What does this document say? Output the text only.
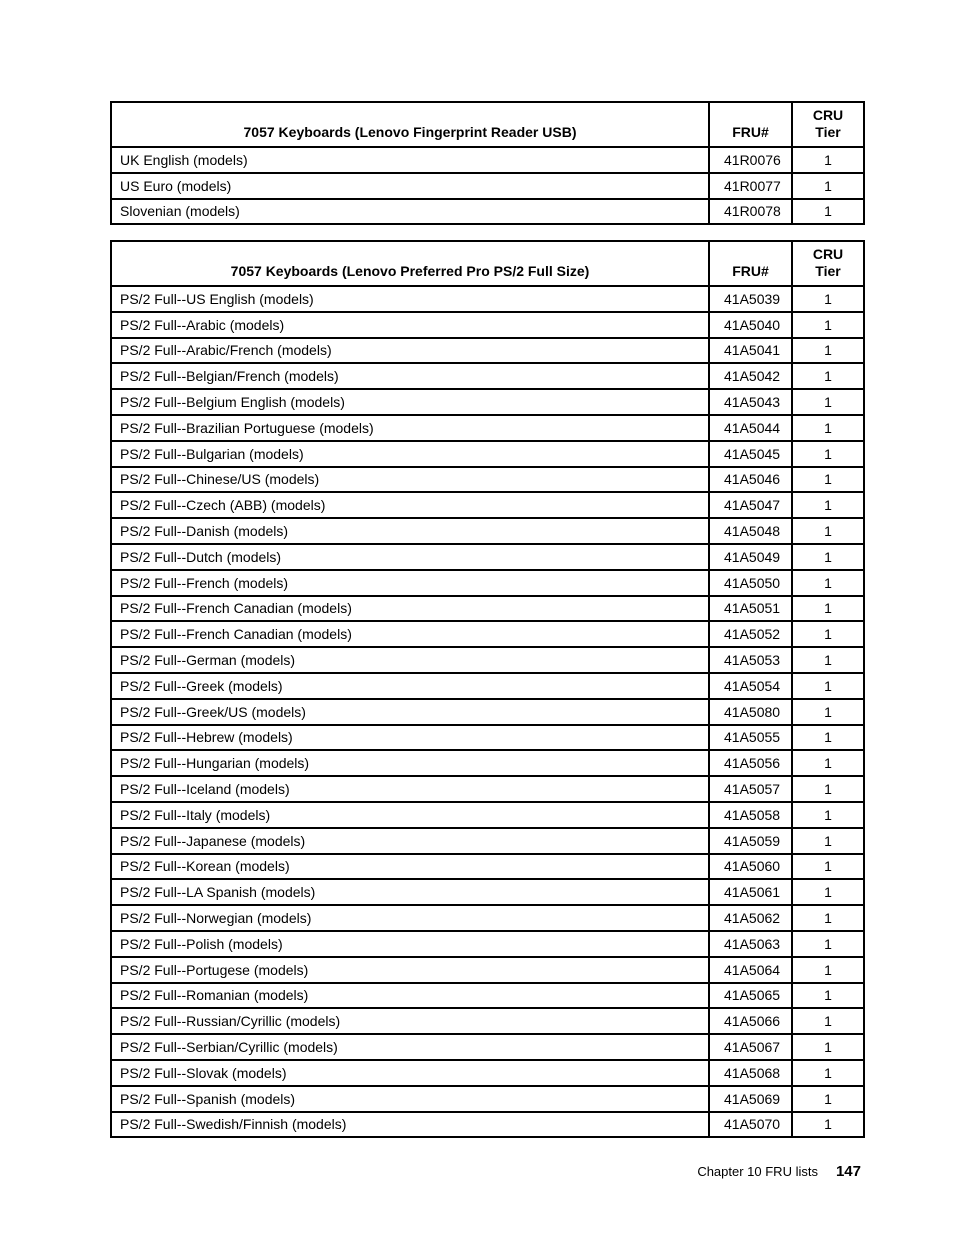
7057 Keyboards (Lenovo Fingerprint Reader USB)	FRU#	CRU
Tier
UK English (models)	41R0076	1
US Euro (models)	41R0077	1
Slovenian (models)	41R0078	1
7057 Keyboards (Lenovo Preferred Pro PS/2 Full Size)	FRU#	CRU
Tier
PS/2 Full--US English (models)	41A5039	1
PS/2 Full--Arabic (models)	41A5040	1
PS/2 Full--Arabic/French (models)	41A5041	1
PS/2 Full--Belgian/French (models)	41A5042	1
PS/2 Full--Belgium English (models)	41A5043	1
PS/2 Full--Brazilian Portuguese (models)	41A5044	1
PS/2 Full--Bulgarian (models)	41A5045	1
PS/2 Full--Chinese/US (models)	41A5046	1
PS/2 Full--Czech (ABB) (models)	41A5047	1
PS/2 Full--Danish (models)	41A5048	1
PS/2 Full--Dutch (models)	41A5049	1
PS/2 Full--French (models)	41A5050	1
PS/2 Full--French Canadian (models)	41A5051	1
PS/2 Full--French Canadian (models)	41A5052	1
PS/2 Full--German (models)	41A5053	1
PS/2 Full--Greek (models)	41A5054	1
PS/2 Full--Greek/US (models)	41A5080	1
PS/2 Full--Hebrew (models)	41A5055	1
PS/2 Full--Hungarian (models)	41A5056	1
PS/2 Full--Iceland (models)	41A5057	1
PS/2 Full--Italy (models)	41A5058	1
PS/2 Full--Japanese (models)	41A5059	1
PS/2 Full--Korean (models)	41A5060	1
PS/2 Full--LA Spanish (models)	41A5061	1
PS/2 Full--Norwegian (models)	41A5062	1
PS/2 Full--Polish (models)	41A5063	1
PS/2 Full--Portugese (models)	41A5064	1
PS/2 Full--Romanian (models)	41A5065	1
PS/2 Full--Russian/Cyrillic (models)	41A5066	1
PS/2 Full--Serbian/Cyrillic (models)	41A5067	1
PS/2 Full--Slovak (models)	41A5068	1
PS/2 Full--Spanish (models)	41A5069	1
PS/2 Full--Swedish/Finnish (models)	41A5070	1
Chapter 10 FRU lists 147
